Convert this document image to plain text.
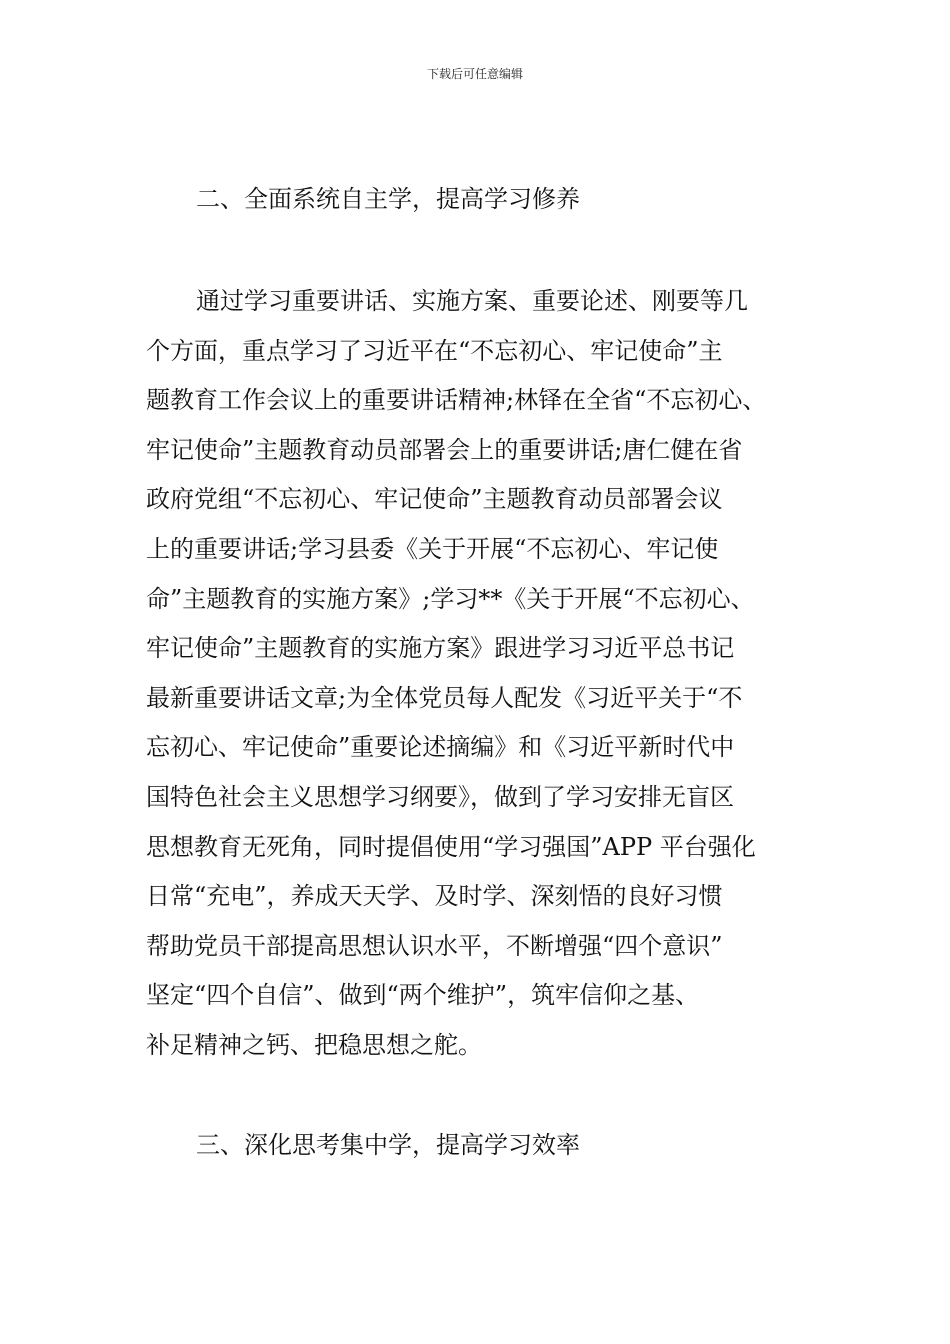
下载后可任意编辑
二、全面系统自主学，提高学习修养
通过学习重要讲话、实施方案、重要论述、刚要等几
个方面，重点学习了习近平在“不忘初心、牢记使命”主
题教育工作会议上的重要讲话精神;林铎在全省“不忘初心、
牢记使命”主题教育动员部署会上的重要讲话;唐仁健在省
政府党组“不忘初心、牢记使命”主题教育动员部署会议
上的重要讲话;学习县委《关于开展“不忘初心、牢记使
命”主题教育的实施方案》;学习**《关于开展“不忘初心、
牢记使命”主题教育的实施方案》跟进学习习近平总书记
最新重要讲话文章;为全体党员每人配发《习近平关于“不
忘初心、牢记使命”重要论述摘编》和《习近平新时代中
国特色社会主义思想学习纲要》，做到了学习安排无盲区
思想教育无死角，同时提倡使用“学习强国”APP 平台强化
日常“充电”，养成天天学、及时学、深刻悟的良好习惯
帮助党员干部提高思想认识水平，不断增强“四个意识”
坚定“四个自信”、做到“两个维护”，筑牢信仰之基、
补足精神之钙、把稳思想之舵。
三、深化思考集中学，提高学习效率
